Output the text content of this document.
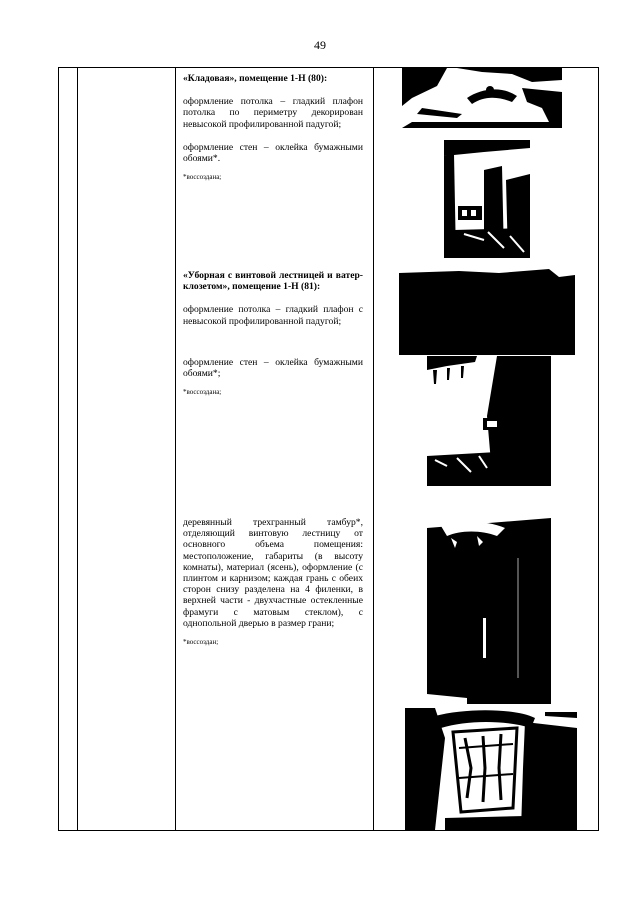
49

«Кладовая», помещение 1-Н (80):

оформление потолка – гладкий плафон потолка по периметру декорирован невысокой профилированной падугой;

оформление стен – оклейка бумажными обоями*.

*воссоздана;

«Уборная с винтовой лестницей и ватер-клозетом», помещение 1-Н (81):

оформление потолка – гладкий плафон с невысокой профилированной падугой;

оформление стен – оклейка бумажными обоями*;

*воссоздана;

деревянный трехгранный тамбур*, отделяющий винтовую лестницу от основного объема помещения: местоположение, габариты (в высоту комнаты), материал (ясень), оформление (с плинтом и карнизом; каждая грань с обеих сторон снизу разделена на 4 филенки, в верхней части - двухчастные остекленные фрамуги с матовым стеклом), с однопольной дверью в размер грани;

*воссоздан;
